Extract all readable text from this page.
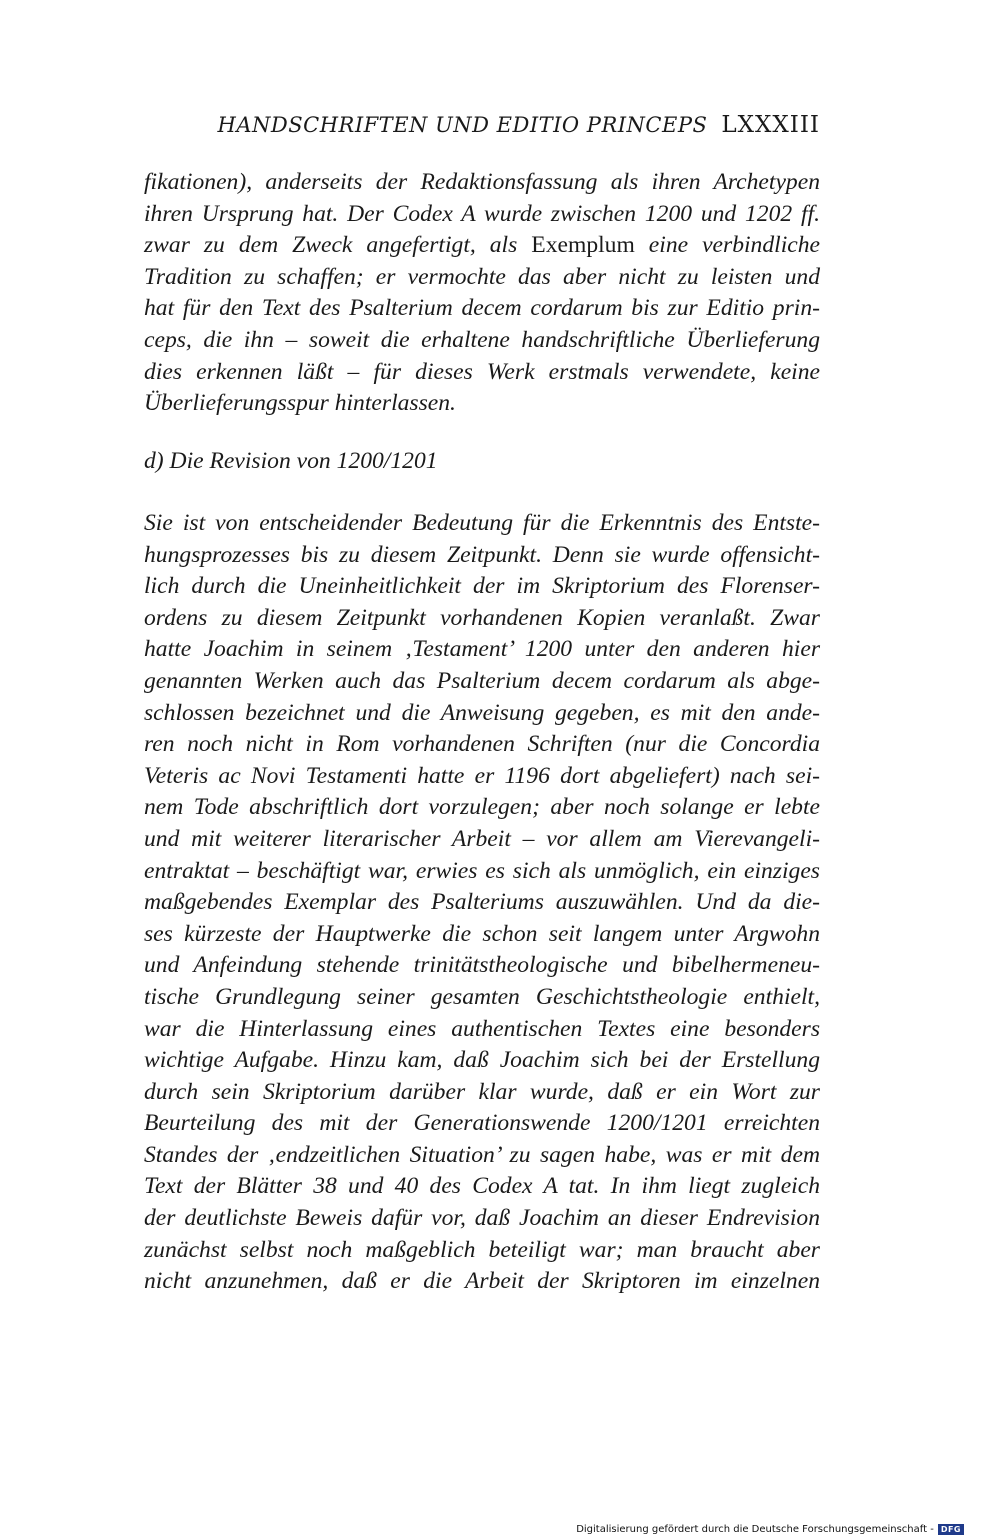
HANDSCHRIFTEN UND EDITIO PRINCEPS LXXXIII
fikationen), anderseits der Redaktionsfassung als ihren Archetypen
ihren Ursprung hat. Der Codex A wurde zwischen 1200 und 1202 ff.
zwar zu dem Zweck angefertigt, als Exemplum eine verbindliche
Tradition zu schaffen; er vermochte das aber nicht zu leisten und
hat für den Text des Psalterium decem cordarum bis zur Editio prin-
ceps, die ihn – soweit die erhaltene handschriftliche Überlieferung
dies erkennen läßt – für dieses Werk erstmals verwendete, keine
Überlieferungsspur hinterlassen.
d) Die Revision von 1200/1201
Sie ist von entscheidender Bedeutung für die Erkenntnis des Entste-
hungsprozesses bis zu diesem Zeitpunkt. Denn sie wurde offensicht-
lich durch die Uneinheitlichkeit der im Skriptorium des Florenser-
ordens zu diesem Zeitpunkt vorhandenen Kopien veranlaßt. Zwar
hatte Joachim in seinem ‚Testament’ 1200 unter den anderen hier
genannten Werken auch das Psalterium decem cordarum als abge-
schlossen bezeichnet und die Anweisung gegeben, es mit den ande-
ren noch nicht in Rom vorhandenen Schriften (nur die Concordia
Veteris ac Novi Testamenti hatte er 1196 dort abgeliefert) nach sei-
nem Tode abschriftlich dort vorzulegen; aber noch solange er lebte
und mit weiterer literarischer Arbeit – vor allem am Vierevangeli-
entraktat – beschäftigt war, erwies es sich als unmöglich, ein einziges
maßgebendes Exemplar des Psalteriums auszuwählen. Und da die-
ses kürzeste der Hauptwerke die schon seit langem unter Argwohn
und Anfeindung stehende trinitätstheologische und bibelhermeneu-
tische Grundlegung seiner gesamten Geschichtstheologie enthielt,
war die Hinterlassung eines authentischen Textes eine besonders
wichtige Aufgabe. Hinzu kam, daß Joachim sich bei der Erstellung
durch sein Skriptorium darüber klar wurde, daß er ein Wort zur
Beurteilung des mit der Generationswende 1200/1201 erreichten
Standes der ‚endzeitlichen Situation’ zu sagen habe, was er mit dem
Text der Blätter 38 und 40 des Codex A tat. In ihm liegt zugleich
der deutlichste Beweis dafür vor, daß Joachim an dieser Endrevision
zunächst selbst noch maßgeblich beteiligt war; man braucht aber
nicht anzunehmen, daß er die Arbeit der Skriptoren im einzelnen
Digitalisierung gefördert durch die Deutsche Forschungsgemeinschaft - DFG
